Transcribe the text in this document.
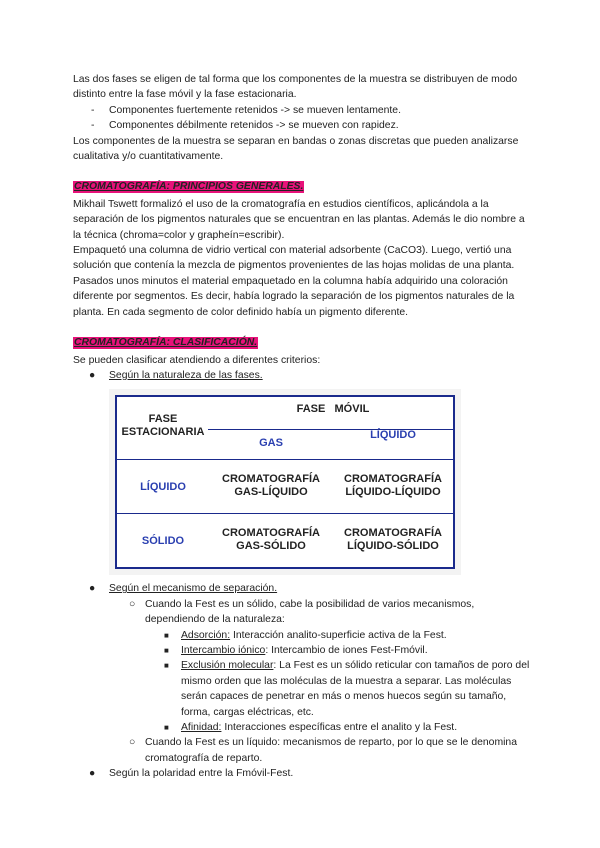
Las dos fases se eligen de tal forma que los componentes de la muestra se distribuyen de modo distinto entre la fase móvil y la fase estacionaria.

- Componentes fuertemente retenidos -> se mueven lentamente.
- Componentes débilmente retenidos -> se mueven con rapidez.

Los componentes de la muestra se separan en bandas o zonas discretas que pueden analizarse cualitativa y/o cuantitativamente.

CROMATOGRAFÍA: PRINCIPIOS GENERALES.

Mikhail Tswett formalizó el uso de la cromatografía en estudios científicos, aplicándola a la separación de los pigmentos naturales que se encuentran en las plantas. Además le dio nombre a la técnica (chroma=color y grapheín=escribir).

Empaquetó una columna de vidrio vertical con material adsorbente (CaCO3). Luego, vertió una solución que contenía la mezcla de pigmentos provenientes de las hojas molidas de una planta. Pasados unos minutos el material empaquetado en la columna había adquirido una coloración diferente por segmentos. Es decir, había logrado la separación de los pigmentos naturales de la planta. En cada segmento de color definido había un pigmento diferente.

CROMATOGRAFÍA: CLASIFICACIÓN.

Se pueden clasificar atendiendo a diferentes criterios:

● Según la naturaleza de las fases.
FASE
ESTACIONARIA
FASE   MÓVIL
GAS
LÍQUIDO
LÍQUIDO
CROMATOGRAFÍA
GAS-LÍQUIDO
CROMATOGRAFÍA
LÍQUIDO-LÍQUIDO
SÓLIDO
CROMATOGRAFÍA
GAS-SÓLIDO
CROMATOGRAFÍA
LÍQUIDO-SÓLIDO
● Según el mecanismo de separación.
○ Cuando la Fest es un sólido, cabe la posibilidad de varios mecanismos, dependiendo de la naturaleza:
■ Adsorción: Interacción analito-superficie activa de la Fest.
■ Intercambio iónico: Intercambio de iones Fest-Fmóvil.
■ Exclusión molecular: La Fest es un sólido reticular con tamaños de poro del mismo orden que las moléculas de la muestra a separar. Las moléculas serán capaces de penetrar en más o menos huecos según su tamaño, forma, cargas eléctricas, etc.
■ Afinidad: Interacciones específicas entre el analito y la Fest.
○ Cuando la Fest es un líquido: mecanismos de reparto, por lo que se le denomina cromatografía de reparto.
● Según la polaridad entre la Fmóvil-Fest.
